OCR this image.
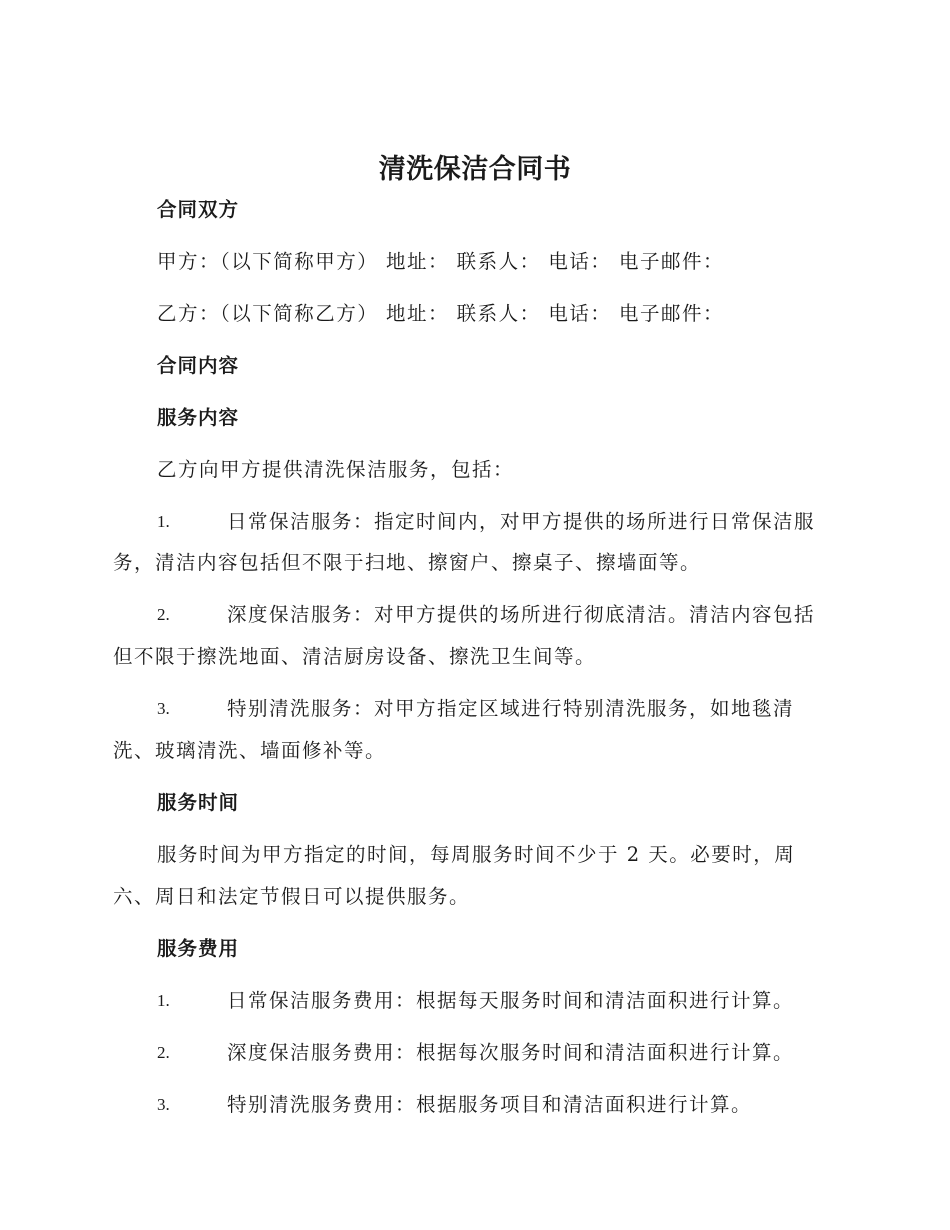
清洗保洁合同书
合同双方
甲方：（以下简称甲方） 地址： 联系人： 电话： 电子邮件：
乙方：（以下简称乙方） 地址： 联系人： 电话： 电子邮件：
合同内容
服务内容
乙方向甲方提供清洗保洁服务，包括：
1.	日常保洁服务：指定时间内，对甲方提供的场所进行日常保洁服
务，清洁内容包括但不限于扫地、擦窗户、擦桌子、擦墙面等。
2.	深度保洁服务：对甲方提供的场所进行彻底清洁。清洁内容包括
但不限于擦洗地面、清洁厨房设备、擦洗卫生间等。
3.	特别清洗服务：对甲方指定区域进行特别清洗服务，如地毯清
洗、玻璃清洗、墙面修补等。
服务时间
服务时间为甲方指定的时间，每周服务时间不少于 2 天。必要时，周
六、周日和法定节假日可以提供服务。
服务费用
1.	日常保洁服务费用：根据每天服务时间和清洁面积进行计算。
2.	深度保洁服务费用：根据每次服务时间和清洁面积进行计算。
3.	特别清洗服务费用：根据服务项目和清洁面积进行计算。
